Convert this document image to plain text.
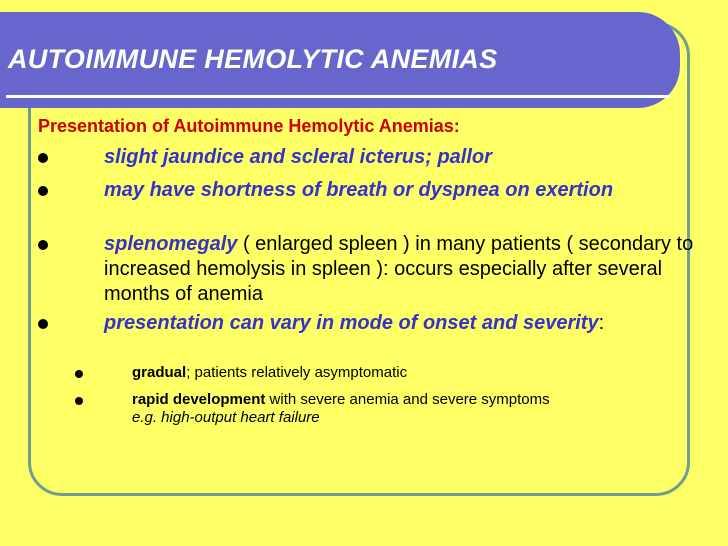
AUTOIMMUNE HEMOLYTIC ANEMIAS

Presentation of Autoimmune Hemolytic Anemias:

slight jaundice and scleral icterus; pallor

may have shortness of breath or dyspnea on exertion

splenomegaly ( enlarged spleen ) in many patients ( secondary to increased hemolysis in spleen ): occurs especially after several months of anemia

presentation can vary in mode of onset and severity:

gradual; patients relatively asymptomatic

rapid development with severe anemia and severe symptoms
e.g. high-output heart failure
